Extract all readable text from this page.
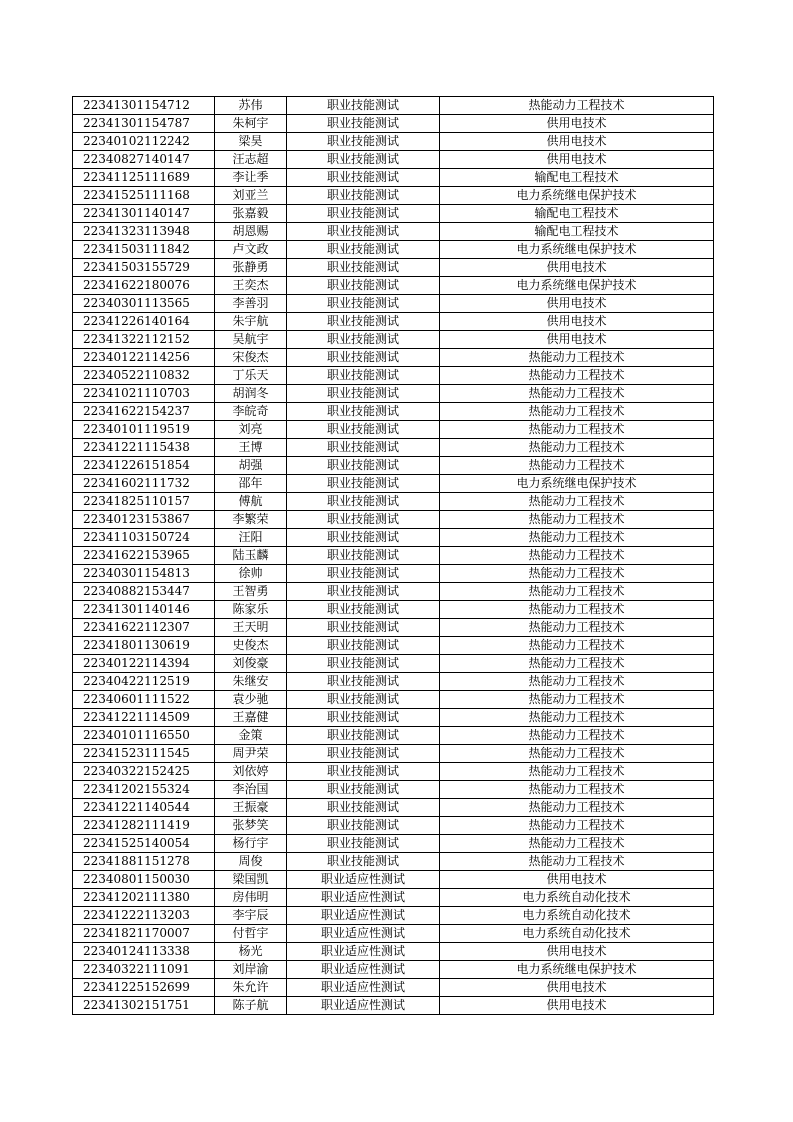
22341301154712	苏伟	职业技能测试	热能动力工程技术
22341301154787	朱柯宇	职业技能测试	供用电技术
22340102112242	梁昊	职业技能测试	供用电技术
22340827140147	汪志超	职业技能测试	供用电技术
22341125111689	李让季	职业技能测试	输配电工程技术
22341525111168	刘亚兰	职业技能测试	电力系统继电保护技术
22341301140147	张嘉毅	职业技能测试	输配电工程技术
22341323113948	胡恩赐	职业技能测试	输配电工程技术
22341503111842	卢文政	职业技能测试	电力系统继电保护技术
22341503155729	张静勇	职业技能测试	供用电技术
22341622180076	王奕杰	职业技能测试	电力系统继电保护技术
22340301113565	李善羽	职业技能测试	供用电技术
22341226140164	朱宇航	职业技能测试	供用电技术
22341322112152	吴航宇	职业技能测试	供用电技术
22340122114256	宋俊杰	职业技能测试	热能动力工程技术
22340522110832	丁乐天	职业技能测试	热能动力工程技术
22341021110703	胡润冬	职业技能测试	热能动力工程技术
22341622154237	李皖奇	职业技能测试	热能动力工程技术
22340101119519	刘亮	职业技能测试	热能动力工程技术
22341221115438	王博	职业技能测试	热能动力工程技术
22341226151854	胡强	职业技能测试	热能动力工程技术
22341602111732	邵年	职业技能测试	电力系统继电保护技术
22341825110157	傅航	职业技能测试	热能动力工程技术
22340123153867	李繁荣	职业技能测试	热能动力工程技术
22341103150724	汪阳	职业技能测试	热能动力工程技术
22341622153965	陆玉麟	职业技能测试	热能动力工程技术
22340301154813	徐帅	职业技能测试	热能动力工程技术
22340882153447	王智勇	职业技能测试	热能动力工程技术
22341301140146	陈家乐	职业技能测试	热能动力工程技术
22341622112307	王天明	职业技能测试	热能动力工程技术
22341801130619	史俊杰	职业技能测试	热能动力工程技术
22340122114394	刘俊豪	职业技能测试	热能动力工程技术
22340422112519	朱继安	职业技能测试	热能动力工程技术
22340601111522	袁少驰	职业技能测试	热能动力工程技术
22341221114509	王嘉健	职业技能测试	热能动力工程技术
22340101116550	金策	职业技能测试	热能动力工程技术
22341523111545	周尹荣	职业技能测试	热能动力工程技术
22340322152425	刘依婷	职业技能测试	热能动力工程技术
22341202155324	李治国	职业技能测试	热能动力工程技术
22341221140544	王振豪	职业技能测试	热能动力工程技术
22341282111419	张梦笑	职业技能测试	热能动力工程技术
22341525140054	杨行宇	职业技能测试	热能动力工程技术
22341881151278	周俊	职业技能测试	热能动力工程技术
22340801150030	梁国凯	职业适应性测试	供用电技术
22341202111380	房伟明	职业适应性测试	电力系统自动化技术
22341222113203	李宇辰	职业适应性测试	电力系统自动化技术
22341821170007	付哲宇	职业适应性测试	电力系统自动化技术
22340124113338	杨光	职业适应性测试	供用电技术
22340322111091	刘岸渝	职业适应性测试	电力系统继电保护技术
22341225152699	朱允许	职业适应性测试	供用电技术
22341302151751	陈子航	职业适应性测试	供用电技术
